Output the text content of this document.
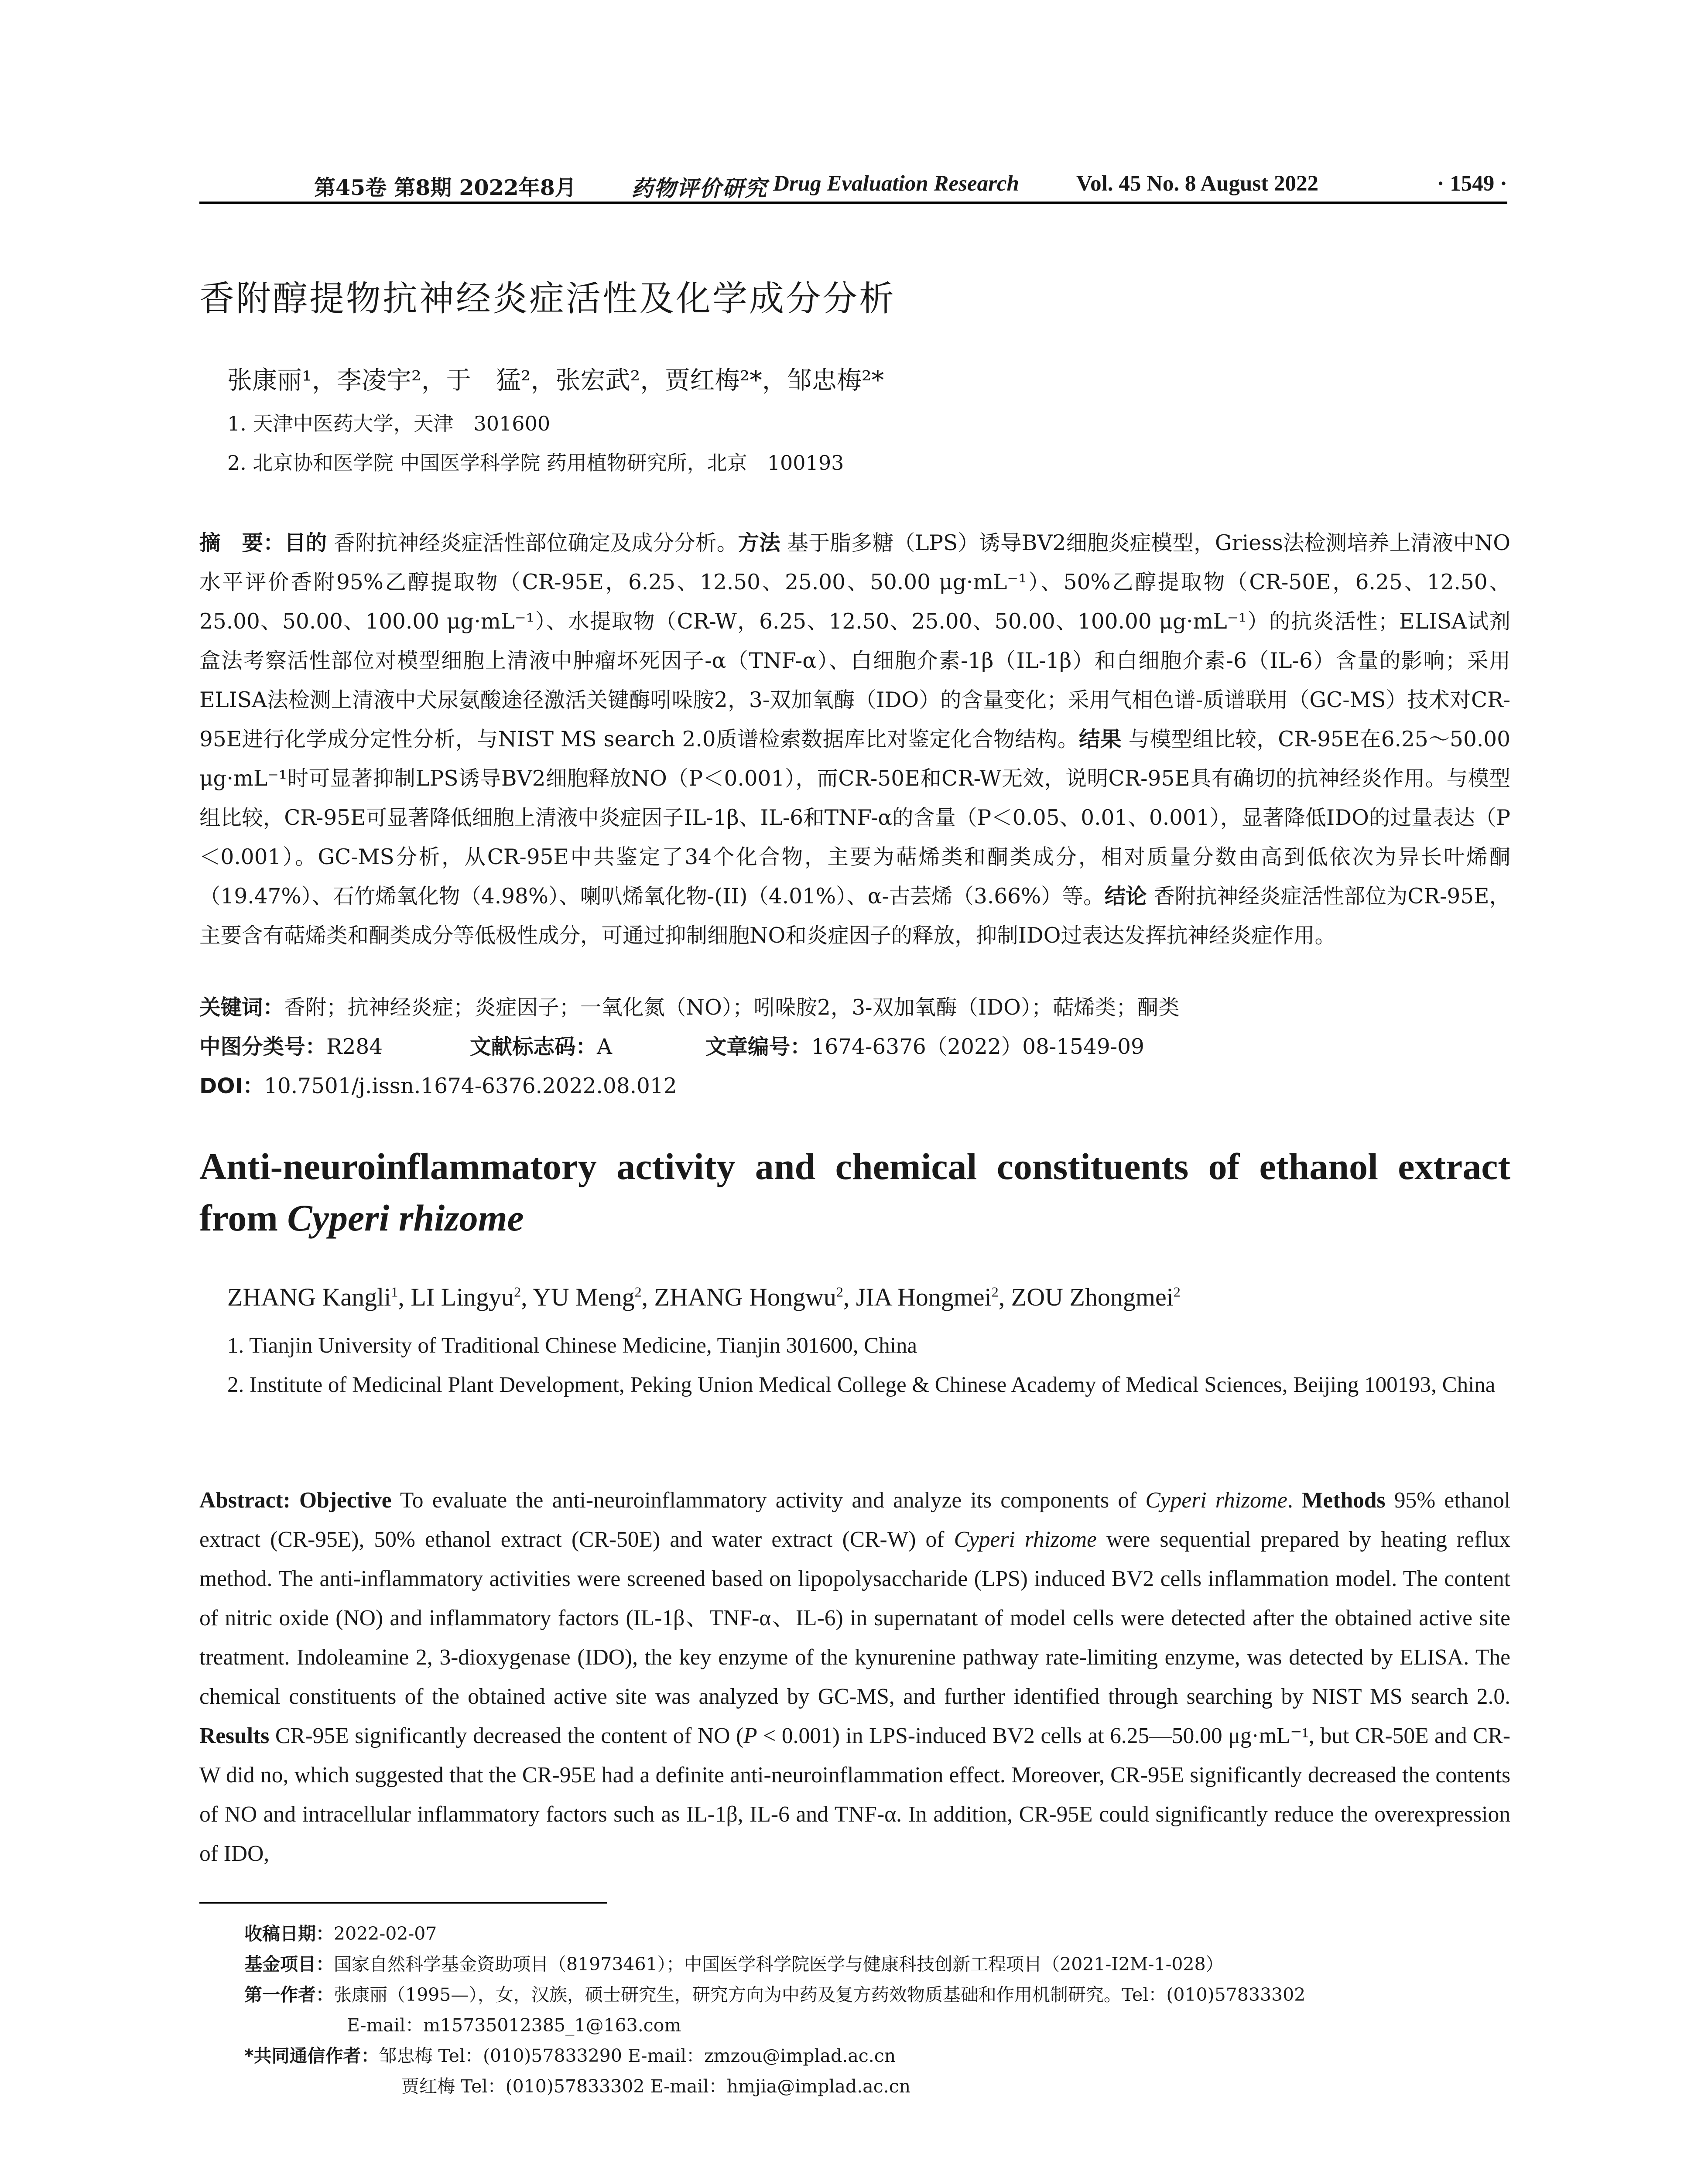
第45卷 第8期 2022年8月	药物评价研究 Drug Evaluation Research	Vol. 45 No. 8 August 2022	· 1549 ·
香附醇提物抗神经炎症活性及化学成分分析
张康丽¹，李凌宇²，于　猛²，张宏武²，贾红梅²*，邹忠梅²*
1. 天津中医药大学，天津　301600
2. 北京协和医学院 中国医学科学院 药用植物研究所，北京　100193
摘　要：目的 香附抗神经炎症活性部位确定及成分分析。方法 基于脂多糖（LPS）诱导BV2细胞炎症模型，Griess法检测培养上清液中NO水平评价香附95%乙醇提取物（CR-95E，6.25、12.50、25.00、50.00 μg·mL⁻¹）、50%乙醇提取物（CR-50E，6.25、12.50、25.00、50.00、100.00 μg·mL⁻¹）、水提取物（CR-W，6.25、12.50、25.00、50.00、100.00 μg·mL⁻¹）的抗炎活性；ELISA试剂盒法考察活性部位对模型细胞上清液中肿瘤坏死因子-α（TNF-α）、白细胞介素-1β（IL-1β）和白细胞介素-6（IL-6）含量的影响；采用ELISA法检测上清液中犬尿氨酸途径激活关键酶吲哚胺2，3-双加氧酶（IDO）的含量变化；采用气相色谱-质谱联用（GC-MS）技术对CR-95E进行化学成分定性分析，与NIST MS search 2.0质谱检索数据库比对鉴定化合物结构。结果 与模型组比较，CR-95E在6.25～50.00 μg·mL⁻¹时可显著抑制LPS诱导BV2细胞释放NO（P＜0.001），而CR-50E和CR-W无效，说明CR-95E具有确切的抗神经炎作用。与模型组比较，CR-95E可显著降低细胞上清液中炎症因子IL-1β、IL-6和TNF-α的含量（P＜0.05、0.01、0.001），显著降低IDO的过量表达（P＜0.001）。GC-MS分析，从CR-95E中共鉴定了34个化合物，主要为萜烯类和酮类成分，相对质量分数由高到低依次为异长叶烯酮（19.47%）、石竹烯氧化物（4.98%）、喇叭烯氧化物-(II)（4.01%）、α-古芸烯（3.66%）等。结论 香附抗神经炎症活性部位为CR-95E，主要含有萜烯类和酮类成分等低极性成分，可通过抑制细胞NO和炎症因子的释放，抑制IDO过表达发挥抗神经炎症作用。
关键词：香附；抗神经炎症；炎症因子；一氧化氮（NO）；吲哚胺2，3-双加氧酶（IDO）；萜烯类；酮类
中图分类号：R284	文献标志码：A	文章编号：1674-6376（2022）08-1549-09
DOI：10.7501/j.issn.1674-6376.2022.08.012
Anti-neuroinflammatory activity and chemical constituents of ethanol extract from Cyperi rhizome
ZHANG Kangli$^1$, LI Lingyu$^2$, YU Meng$^2$, ZHANG Hongwu$^2$, JIA Hongmei$^2$, ZOU Zhongmei$^2$
1. Tianjin University of Traditional Chinese Medicine, Tianjin 301600, China
2. Institute of Medicinal Plant Development, Peking Union Medical College & Chinese Academy of Medical Sciences, Beijing 100193, China
Abstract: Objective To evaluate the anti-neuroinflammatory activity and analyze its components of Cyperi rhizome. Methods 95% ethanol extract (CR-95E), 50% ethanol extract (CR-50E) and water extract (CR-W) of Cyperi rhizome were sequential prepared by heating reflux method. The anti-inflammatory activities were screened based on lipopolysaccharide (LPS) induced BV2 cells inflammation model. The content of nitric oxide (NO) and inflammatory factors (IL-1β、TNF-α、IL-6) in supernatant of model cells were detected after the obtained active site treatment. Indoleamine 2, 3-dioxygenase (IDO), the key enzyme of the kynurenine pathway rate-limiting enzyme, was detected by ELISA. The chemical constituents of the obtained active site was analyzed by GC-MS, and further identified through searching by NIST MS search 2.0. Results CR-95E significantly decreased the content of NO (P < 0.001) in LPS-induced BV2 cells at 6.25—50.00 μg·mL⁻¹, but CR-50E and CR-W did no, which suggested that the CR-95E had a definite anti-neuroinflammation effect. Moreover, CR-95E significantly decreased the contents of NO and intracellular inflammatory factors such as IL-1β, IL-6 and TNF-α. In addition, CR-95E could significantly reduce the overexpression of IDO,
收稿日期：2022-02-07
基金项目：国家自然科学基金资助项目（81973461）；中国医学科学院医学与健康科技创新工程项目（2021-I2M-1-028）
第一作者：张康丽（1995—），女，汉族，硕士研究生，研究方向为中药及复方药效物质基础和作用机制研究。Tel：(010)57833302
E-mail：m15735012385_1@163.com
*共同通信作者：邹忠梅 Tel：(010)57833290 E-mail：zmzou@implad.ac.cn
贾红梅 Tel：(010)57833302 E-mail：hmjia@implad.ac.cn
